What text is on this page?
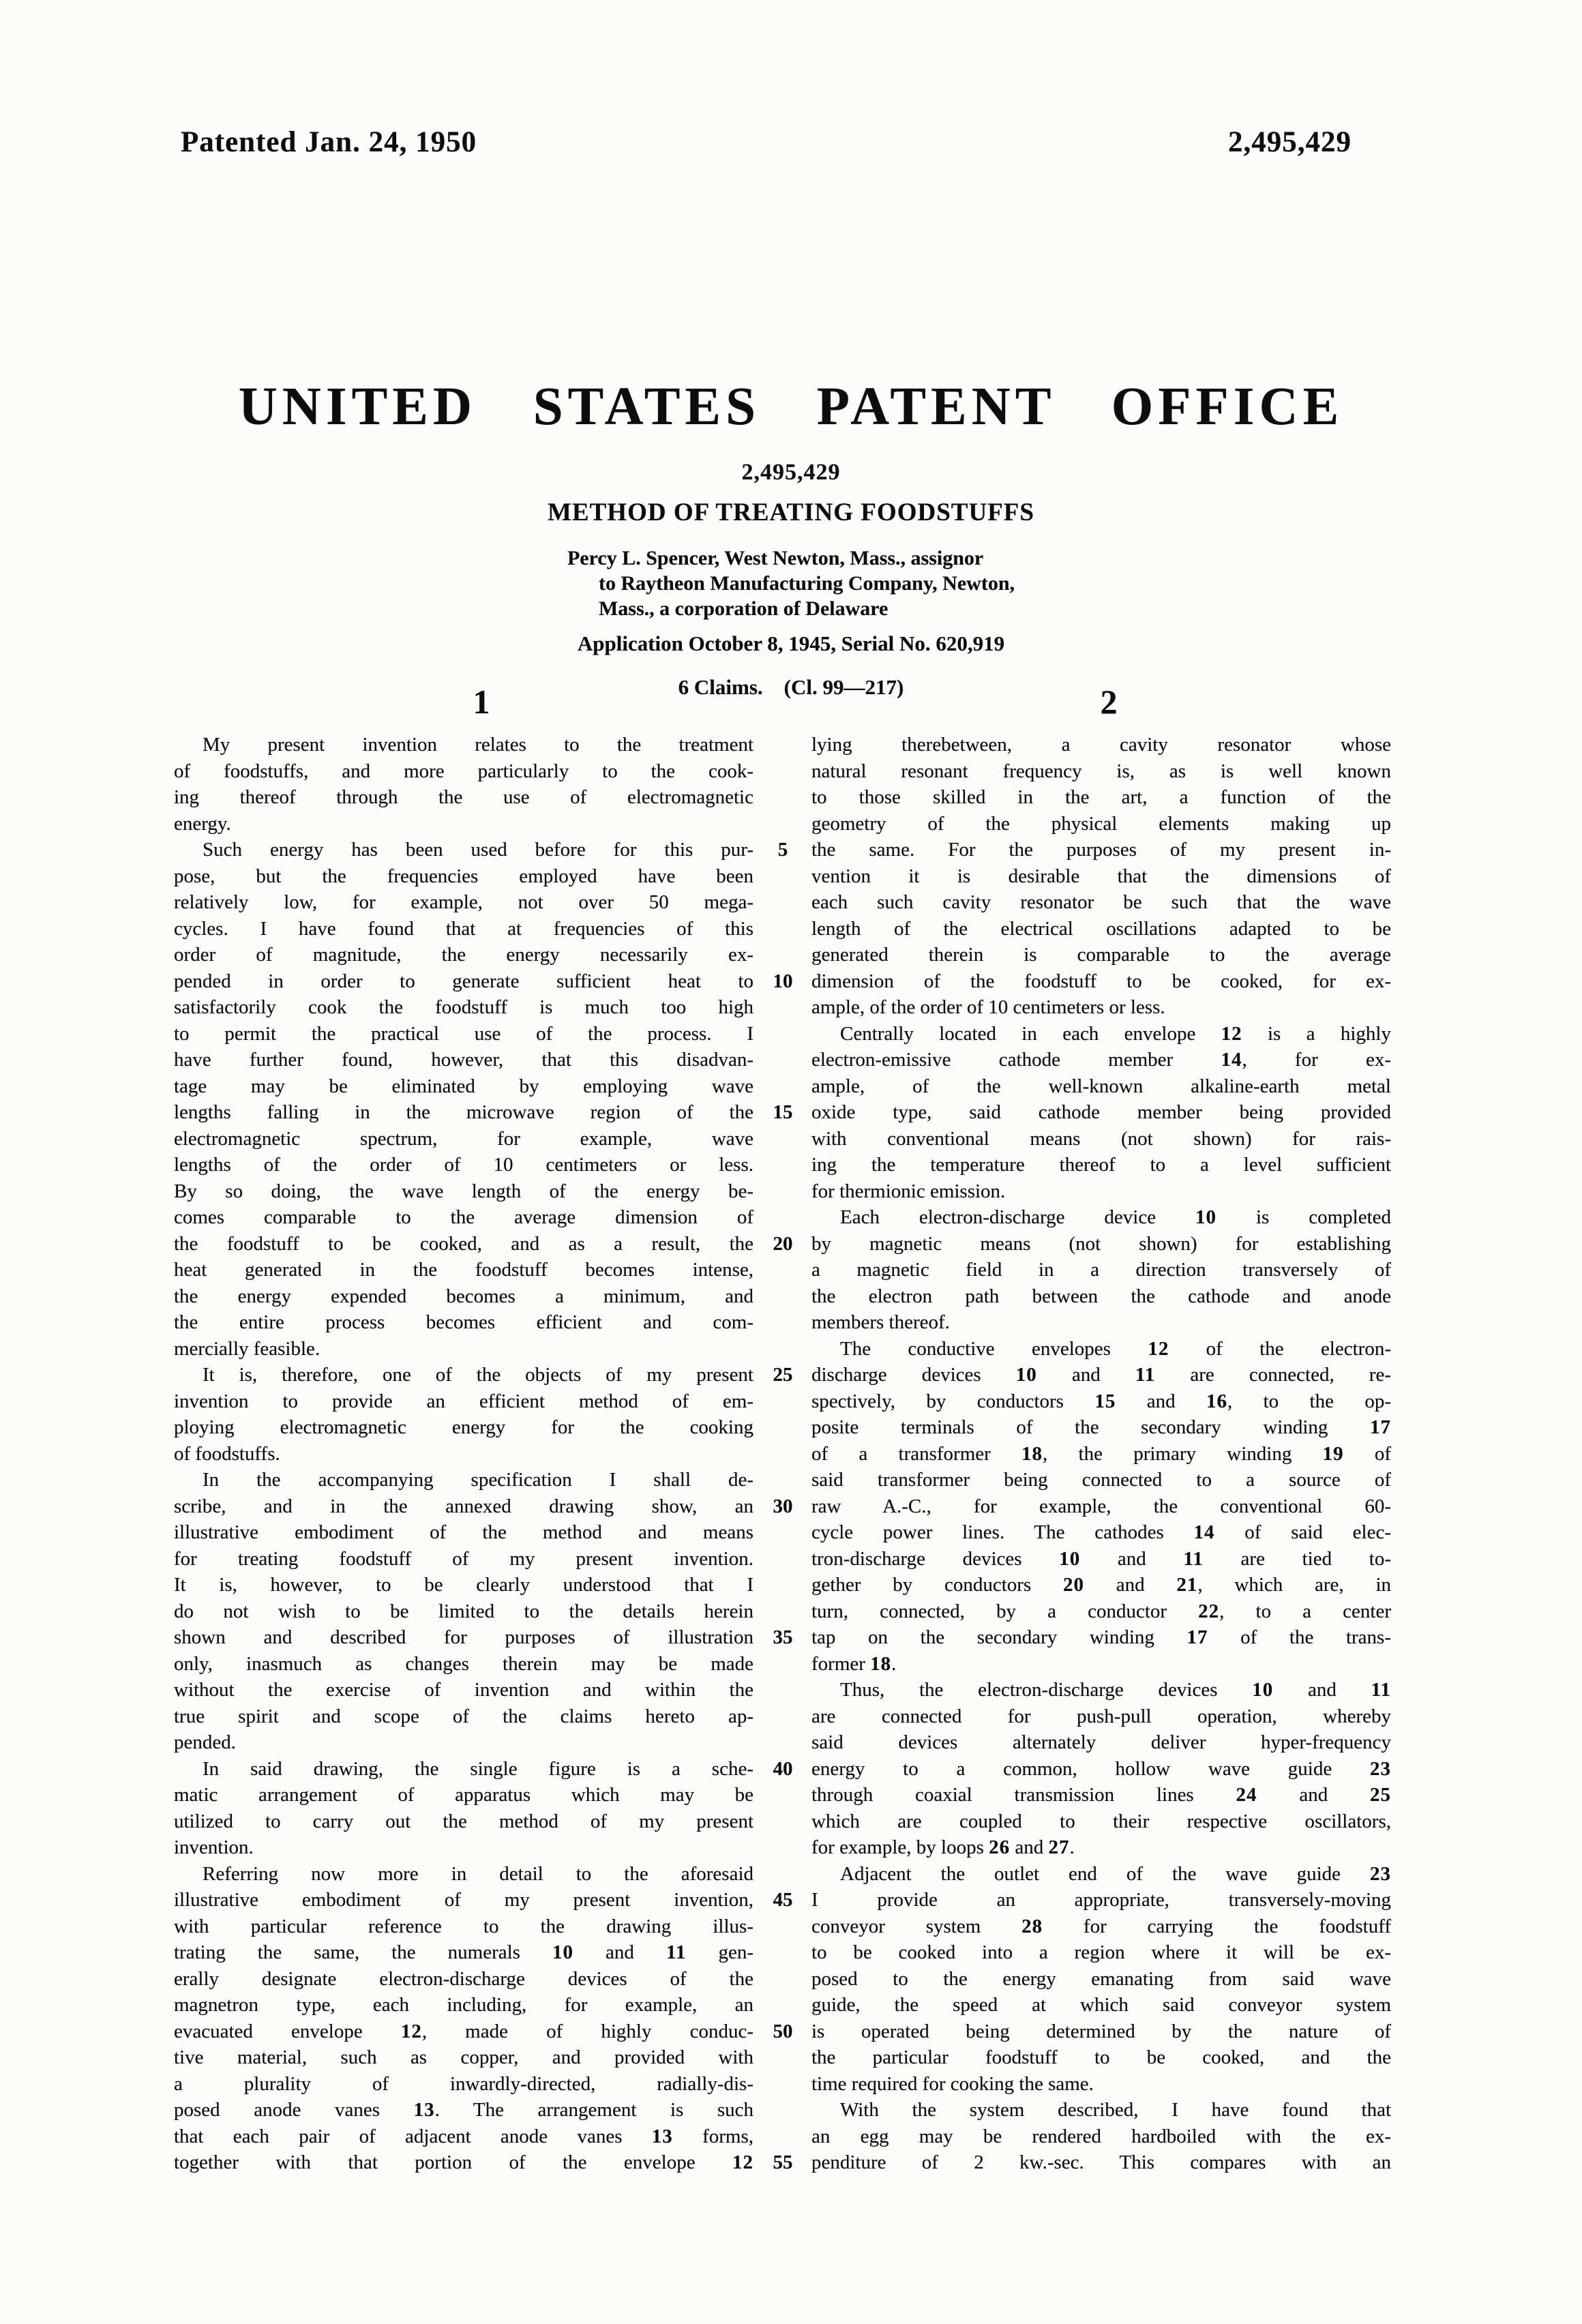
Patented Jan. 24, 1950	2,495,429
UNITED STATES PATENT OFFICE
2,495,429
METHOD OF TREATING FOODSTUFFS
Percy L. Spencer, West Newton, Mass., assignor
to Raytheon Manufacturing Company, Newton,
Mass., a corporation of Delaware
Application October 8, 1945, Serial No. 620,919
6 Claims.  (Cl. 99—217)
1	2
My present invention relates to the treatment
of foodstuffs, and more particularly to the cook-
ing thereof through the use of electromagnetic
energy.
Such energy has been used before for this pur-
pose, but the frequencies employed have been
relatively low, for example, not over 50 mega-
cycles. I have found that at frequencies of this
order of magnitude, the energy necessarily ex-
pended in order to generate sufficient heat to
satisfactorily cook the foodstuff is much too high
to permit the practical use of the process. I
have further found, however, that this disadvan-
tage may be eliminated by employing wave
lengths falling in the microwave region of the
electromagnetic spectrum, for example, wave
lengths of the order of 10 centimeters or less.
By so doing, the wave length of the energy be-
comes comparable to the average dimension of
the foodstuff to be cooked, and as a result, the
heat generated in the foodstuff becomes intense,
the energy expended becomes a minimum, and
the entire process becomes efficient and com-
mercially feasible.
It is, therefore, one of the objects of my present
invention to provide an efficient method of em-
ploying electromagnetic energy for the cooking
of foodstuffs.
In the accompanying specification I shall de-
scribe, and in the annexed drawing show, an
illustrative embodiment of the method and means
for treating foodstuff of my present invention.
It is, however, to be clearly understood that I
do not wish to be limited to the details herein
shown and described for purposes of illustration
only, inasmuch as changes therein may be made
without the exercise of invention and within the
true spirit and scope of the claims hereto ap-
pended.
In said drawing, the single figure is a sche-
matic arrangement of apparatus which may be
utilized to carry out the method of my present
invention.
Referring now more in detail to the aforesaid
illustrative embodiment of my present invention,
with particular reference to the drawing illus-
trating the same, the numerals 10 and 11 gen-
erally designate electron-discharge devices of the
magnetron type, each including, for example, an
evacuated envelope 12, made of highly conduc-
tive material, such as copper, and provided with
a plurality of inwardly-directed, radially-dis-
posed anode vanes 13. The arrangement is such
that each pair of adjacent anode vanes 13 forms,
together with that portion of the envelope 12
5
10
15
20
25
30
35
40
45
50
55
lying therebetween, a cavity resonator whose
natural resonant frequency is, as is well known
to those skilled in the art, a function of the
geometry of the physical elements making up
the same. For the purposes of my present in-
vention it is desirable that the dimensions of
each such cavity resonator be such that the wave
length of the electrical oscillations adapted to be
generated therein is comparable to the average
dimension of the foodstuff to be cooked, for ex-
ample, of the order of 10 centimeters or less.
Centrally located in each envelope 12 is a highly
electron-emissive cathode member 14, for ex-
ample, of the well-known alkaline-earth metal
oxide type, said cathode member being provided
with conventional means (not shown) for rais-
ing the temperature thereof to a level sufficient
for thermionic emission.
Each electron-discharge device 10 is completed
by magnetic means (not shown) for establishing
a magnetic field in a direction transversely of
the electron path between the cathode and anode
members thereof.
The conductive envelopes 12 of the electron-
discharge devices 10 and 11 are connected, re-
spectively, by conductors 15 and 16, to the op-
posite terminals of the secondary winding 17
of a transformer 18, the primary winding 19 of
said transformer being connected to a source of
raw A.-C., for example, the conventional 60-
cycle power lines. The cathodes 14 of said elec-
tron-discharge devices 10 and 11 are tied to-
gether by conductors 20 and 21, which are, in
turn, connected, by a conductor 22, to a center
tap on the secondary winding 17 of the trans-
former 18.
Thus, the electron-discharge devices 10 and 11
are connected for push-pull operation, whereby
said devices alternately deliver hyper-frequency
energy to a common, hollow wave guide 23
through coaxial transmission lines 24 and 25
which are coupled to their respective oscillators,
for example, by loops 26 and 27.
Adjacent the outlet end of the wave guide 23
I provide an appropriate, transversely-moving
conveyor system 28 for carrying the foodstuff
to be cooked into a region where it will be ex-
posed to the energy emanating from said wave
guide, the speed at which said conveyor system
is operated being determined by the nature of
the particular foodstuff to be cooked, and the
time required for cooking the same.
With the system described, I have found that
an egg may be rendered hardboiled with the ex-
penditure of 2 kw.-sec. This compares with an
